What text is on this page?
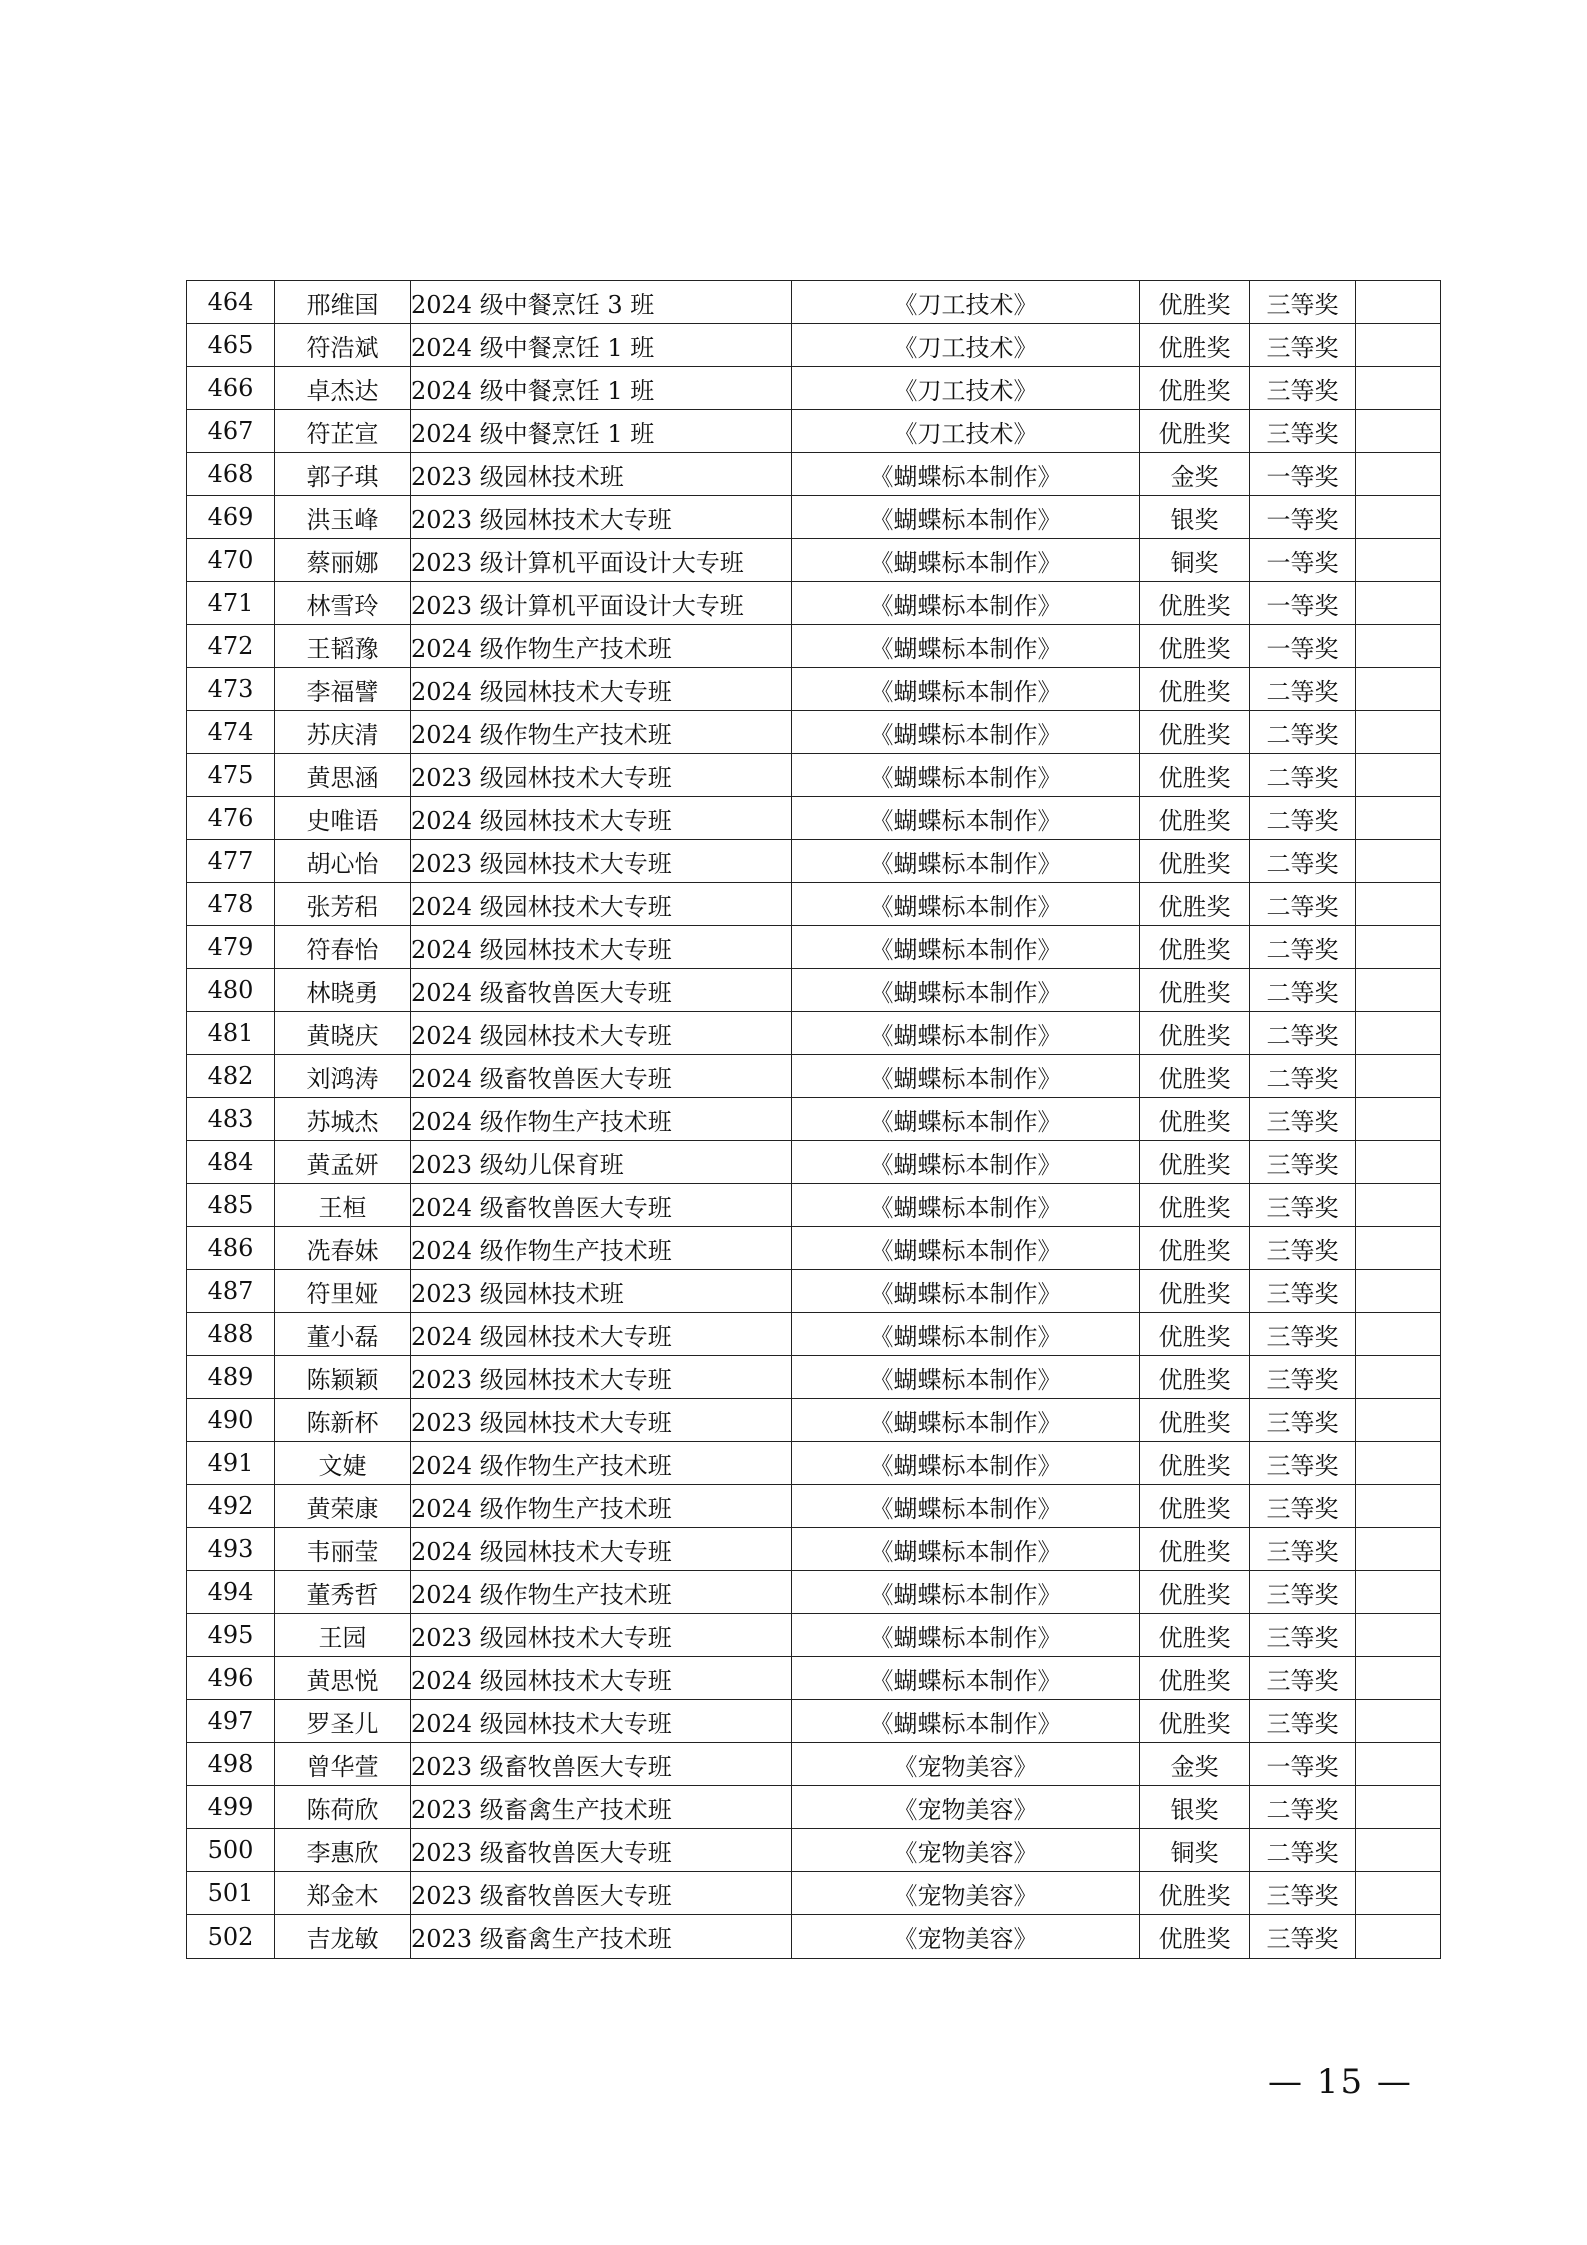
464	邢维国	2024 级中餐烹饪 3 班	《刀工技术》	优胜奖	三等奖	
465	符浩斌	2024 级中餐烹饪 1 班	《刀工技术》	优胜奖	三等奖	
466	卓杰达	2024 级中餐烹饪 1 班	《刀工技术》	优胜奖	三等奖	
467	符芷宣	2024 级中餐烹饪 1 班	《刀工技术》	优胜奖	三等奖	
468	郭子琪	2023 级园林技术班	《蝴蝶标本制作》	金奖	一等奖	
469	洪玉峰	2023 级园林技术大专班	《蝴蝶标本制作》	银奖	一等奖	
470	蔡丽娜	2023 级计算机平面设计大专班	《蝴蝶标本制作》	铜奖	一等奖	
471	林雪玲	2023 级计算机平面设计大专班	《蝴蝶标本制作》	优胜奖	一等奖	
472	王韬豫	2024 级作物生产技术班	《蝴蝶标本制作》	优胜奖	一等奖	
473	李福譬	2024 级园林技术大专班	《蝴蝶标本制作》	优胜奖	二等奖	
474	苏庆清	2024 级作物生产技术班	《蝴蝶标本制作》	优胜奖	二等奖	
475	黄思涵	2023 级园林技术大专班	《蝴蝶标本制作》	优胜奖	二等奖	
476	史唯语	2024 级园林技术大专班	《蝴蝶标本制作》	优胜奖	二等奖	
477	胡心怡	2023 级园林技术大专班	《蝴蝶标本制作》	优胜奖	二等奖	
478	张芳稆	2024 级园林技术大专班	《蝴蝶标本制作》	优胜奖	二等奖	
479	符春怡	2024 级园林技术大专班	《蝴蝶标本制作》	优胜奖	二等奖	
480	林晓勇	2024 级畜牧兽医大专班	《蝴蝶标本制作》	优胜奖	二等奖	
481	黄晓庆	2024 级园林技术大专班	《蝴蝶标本制作》	优胜奖	二等奖	
482	刘鸿涛	2024 级畜牧兽医大专班	《蝴蝶标本制作》	优胜奖	二等奖	
483	苏城杰	2024 级作物生产技术班	《蝴蝶标本制作》	优胜奖	三等奖	
484	黄孟妍	2023 级幼儿保育班	《蝴蝶标本制作》	优胜奖	三等奖	
485	王桓	2024 级畜牧兽医大专班	《蝴蝶标本制作》	优胜奖	三等奖	
486	冼春妹	2024 级作物生产技术班	《蝴蝶标本制作》	优胜奖	三等奖	
487	符里娅	2023 级园林技术班	《蝴蝶标本制作》	优胜奖	三等奖	
488	董小磊	2024 级园林技术大专班	《蝴蝶标本制作》	优胜奖	三等奖	
489	陈颖颖	2023 级园林技术大专班	《蝴蝶标本制作》	优胜奖	三等奖	
490	陈新杯	2023 级园林技术大专班	《蝴蝶标本制作》	优胜奖	三等奖	
491	文婕	2024 级作物生产技术班	《蝴蝶标本制作》	优胜奖	三等奖	
492	黄荣康	2024 级作物生产技术班	《蝴蝶标本制作》	优胜奖	三等奖	
493	韦丽莹	2024 级园林技术大专班	《蝴蝶标本制作》	优胜奖	三等奖	
494	董秀哲	2024 级作物生产技术班	《蝴蝶标本制作》	优胜奖	三等奖	
495	王园	2023 级园林技术大专班	《蝴蝶标本制作》	优胜奖	三等奖	
496	黄思悦	2024 级园林技术大专班	《蝴蝶标本制作》	优胜奖	三等奖	
497	罗圣儿	2024 级园林技术大专班	《蝴蝶标本制作》	优胜奖	三等奖	
498	曾华萱	2023 级畜牧兽医大专班	《宠物美容》	金奖	一等奖	
499	陈荷欣	2023 级畜禽生产技术班	《宠物美容》	银奖	二等奖	
500	李惠欣	2023 级畜牧兽医大专班	《宠物美容》	铜奖	二等奖	
501	郑金木	2023 级畜牧兽医大专班	《宠物美容》	优胜奖	三等奖	
502	吉龙敏	2023 级畜禽生产技术班	《宠物美容》	优胜奖	三等奖	
— 15 —
